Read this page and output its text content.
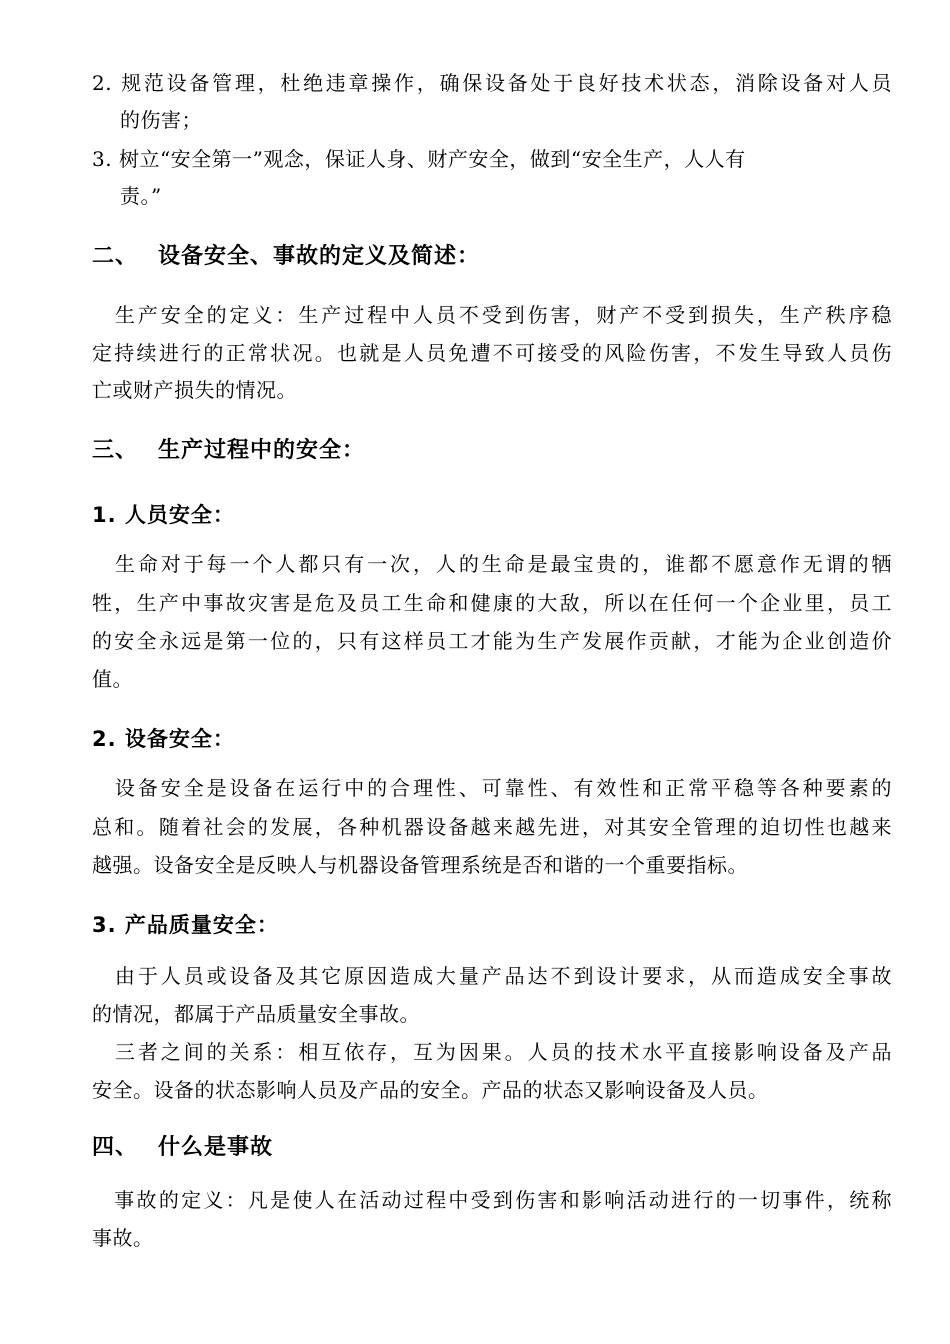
2. 规范设备管理，杜绝违章操作，确保设备处于良好技术状态，消除设备对人员
的伤害；
3. 树立“安全第一”观念，保证人身、财产安全，做到“安全生产，人人有
责。”
二、 设备安全、事故的定义及简述：
　生产安全的定义：生产过程中人员不受到伤害，财产不受到损失，生产秩序稳
定持续进行的正常状况。也就是人员免遭不可接受的风险伤害，不发生导致人员伤
亡或财产损失的情况。
三、 生产过程中的安全：
1. 人员安全：
　生命对于每一个人都只有一次，人的生命是最宝贵的，谁都不愿意作无谓的牺
牲，生产中事故灾害是危及员工生命和健康的大敌，所以在任何一个企业里，员工
的安全永远是第一位的，只有这样员工才能为生产发展作贡献，才能为企业创造价
值。
2. 设备安全：
　设备安全是设备在运行中的合理性、可靠性、有效性和正常平稳等各种要素的
总和。随着社会的发展，各种机器设备越来越先进，对其安全管理的迫切性也越来
越强。设备安全是反映人与机器设备管理系统是否和谐的一个重要指标。
3. 产品质量安全：
　由于人员或设备及其它原因造成大量产品达不到设计要求，从而造成安全事故
的情况，都属于产品质量安全事故。
　三者之间的关系：相互依存，互为因果。人员的技术水平直接影响设备及产品
安全。设备的状态影响人员及产品的安全。产品的状态又影响设备及人员。
四、 什么是事故
　事故的定义：凡是使人在活动过程中受到伤害和影响活动进行的一切事件，统称
事故。
